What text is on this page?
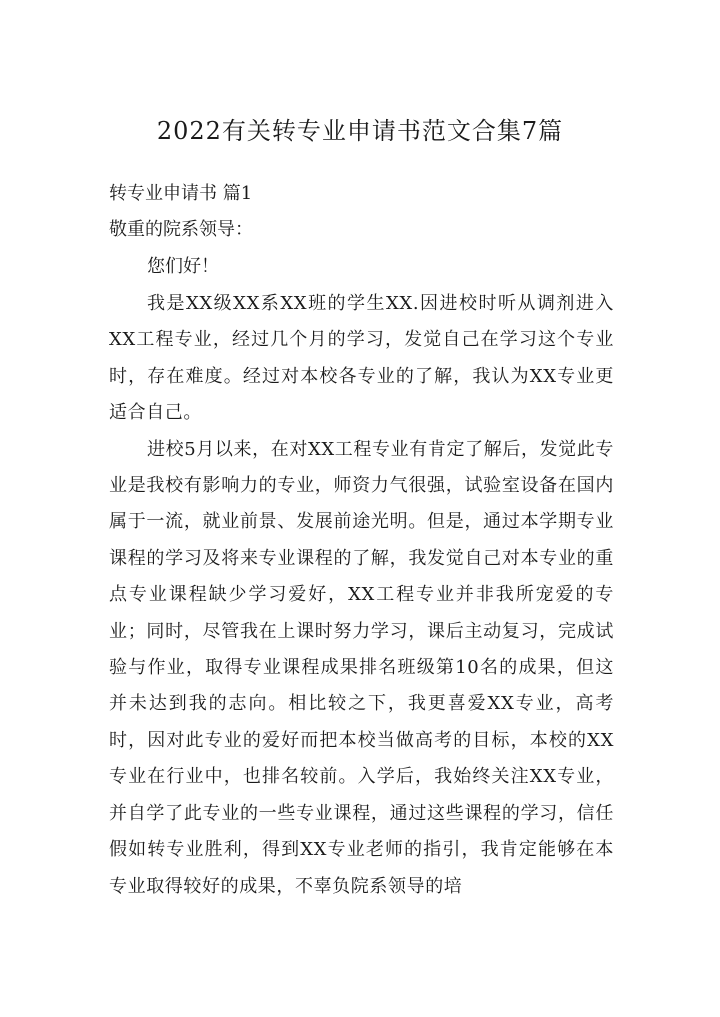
2022有关转专业申请书范文合集7篇

转专业申请书 篇1

敬重的院系领导：

您们好！

我是XX级XX系XX班的学生XX.因进校时听从调剂进入XX工程专业，经过几个月的学习，发觉自己在学习这个专业时，存在难度。经过对本校各专业的了解，我认为XX专业更适合自己。

进校5月以来，在对XX工程专业有肯定了解后，发觉此专业是我校有影响力的专业，师资力气很强，试验室设备在国内属于一流，就业前景、发展前途光明。但是，通过本学期专业课程的学习及将来专业课程的了解，我发觉自己对本专业的重点专业课程缺少学习爱好，XX工程专业并非我所宠爱的专业；同时，尽管我在上课时努力学习，课后主动复习，完成试验与作业，取得专业课程成果排名班级第10名的成果，但这并未达到我的志向。相比较之下，我更喜爱XX专业，高考时，因对此专业的爱好而把本校当做高考的目标，本校的XX专业在行业中，也排名较前。入学后，我始终关注XX专业，并自学了此专业的一些专业课程，通过这些课程的学习，信任假如转专业胜利，得到XX专业老师的指引，我肯定能够在本专业取得较好的成果，不辜负院系领导的培
